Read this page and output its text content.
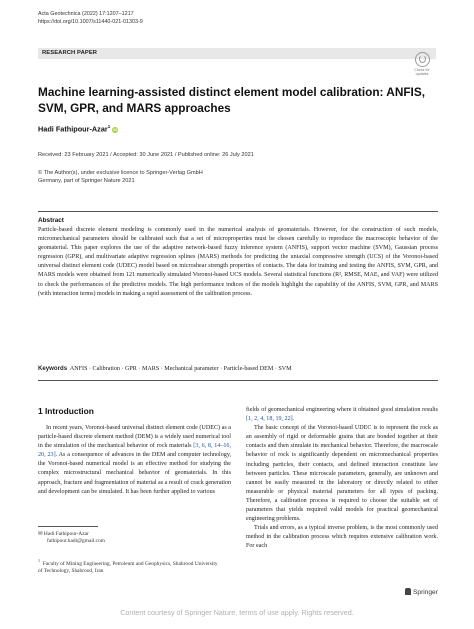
Acta Geotechnica (2022) 17:1207–1217
https://doi.org/10.1007/s11440-021-01303-9
RESEARCH PAPER
Check for
updates
Machine learning-assisted distinct element model calibration: ANFIS, SVM, GPR, and MARS approaches
Hadi Fathipour-Azar$^1$ iD
Received: 23 February 2021 / Accepted: 30 June 2021 / Published online: 26 July 2021
© The Author(s), under exclusive licence to Springer-Verlag GmbH
Germany, part of Springer Nature 2021
Abstract
Particle-based discrete element modeling is commonly used in the numerical analysis of geomaterials. However, for the construction of such models, micromechanical parameters should be calibrated such that a set of microproperties must be chosen carefully to reproduce the macroscopic behavior of the geomaterial. This paper explores the use of the adaptive network-based fuzzy inference system (ANFIS), support vector machine (SVM), Gaussian process regression (GPR), and multivariate adaptive regression splines (MARS) methods for predicting the uniaxial compressive strength (UCS) of the Voronoi-based universal distinct element code (UDEC) model based on microshear strength properties of contacts. The data for training and testing the ANFIS, SVM, GPR, and MARS models were obtained from 121 numerically simulated Voronoi-based UCS models. Several statistical functions (R², RMSE, MAE, and VAF) were utilized to check the performances of the predictive models. The high performance indices of the models highlight the capability of the ANFIS, SVM, GPR, and MARS (with interaction terms) models in making a rapid assessment of the calibration process.
Keywords ANFIS · Calibration · GPR · MARS · Mechanical parameter · Particle-based DEM · SVM
1 Introduction

In recent years, Voronoi-based universal distinct element code (UDEC) as a particle-based discrete element method (DEM) is a widely used numerical tool in the simulation of the mechanical behavior of rock materials [3, 6, 8, 14–16, 20, 23]. As a consequence of advances in the DEM and computer technology, the Voronoi-based numerical model is an effective method for studying the complex microstructural mechanical behavior of geomaterials. In this approach, fracture and fragmentation of material as a result of crack generation and development can be simulated. It has been further applied to various

fields of geomechanical engineering where it obtained good simulation results [1, 2, 4, 18, 19, 22].

The basic concept of the Voronoi-based UDEC is to represent the rock as an assembly of rigid or deformable grains that are bonded together at their contacts and then simulate its mechanical behavior. Therefore, the macroscale behavior of rock is significantly dependent on micromechanical properties including particles, their contacts, and defined interaction constitute law between particles. These microscale parameters, generally, are unknown and cannot be easily measured in the laboratory or directly related to either measurable or physical material parameters for all types of packing. Therefore, a calibration process is required to choose the suitable set of parameters that yields required valid models for practical geomechanical engineering problems.

Trials and errors, as a typical inverse problem, is the most commonly used method in the calibration process which requires extensive calibration work. For each

✉ Hadi Fathipour-Azar
fathipour.hadi@gmail.com
$^1$  Faculty of Mining Engineering, Petroleum and Geophysics, Shahrood University of Technology, Shahrood, Iran
Springer
Content courtesy of Springer Nature, terms of use apply. Rights reserved.
